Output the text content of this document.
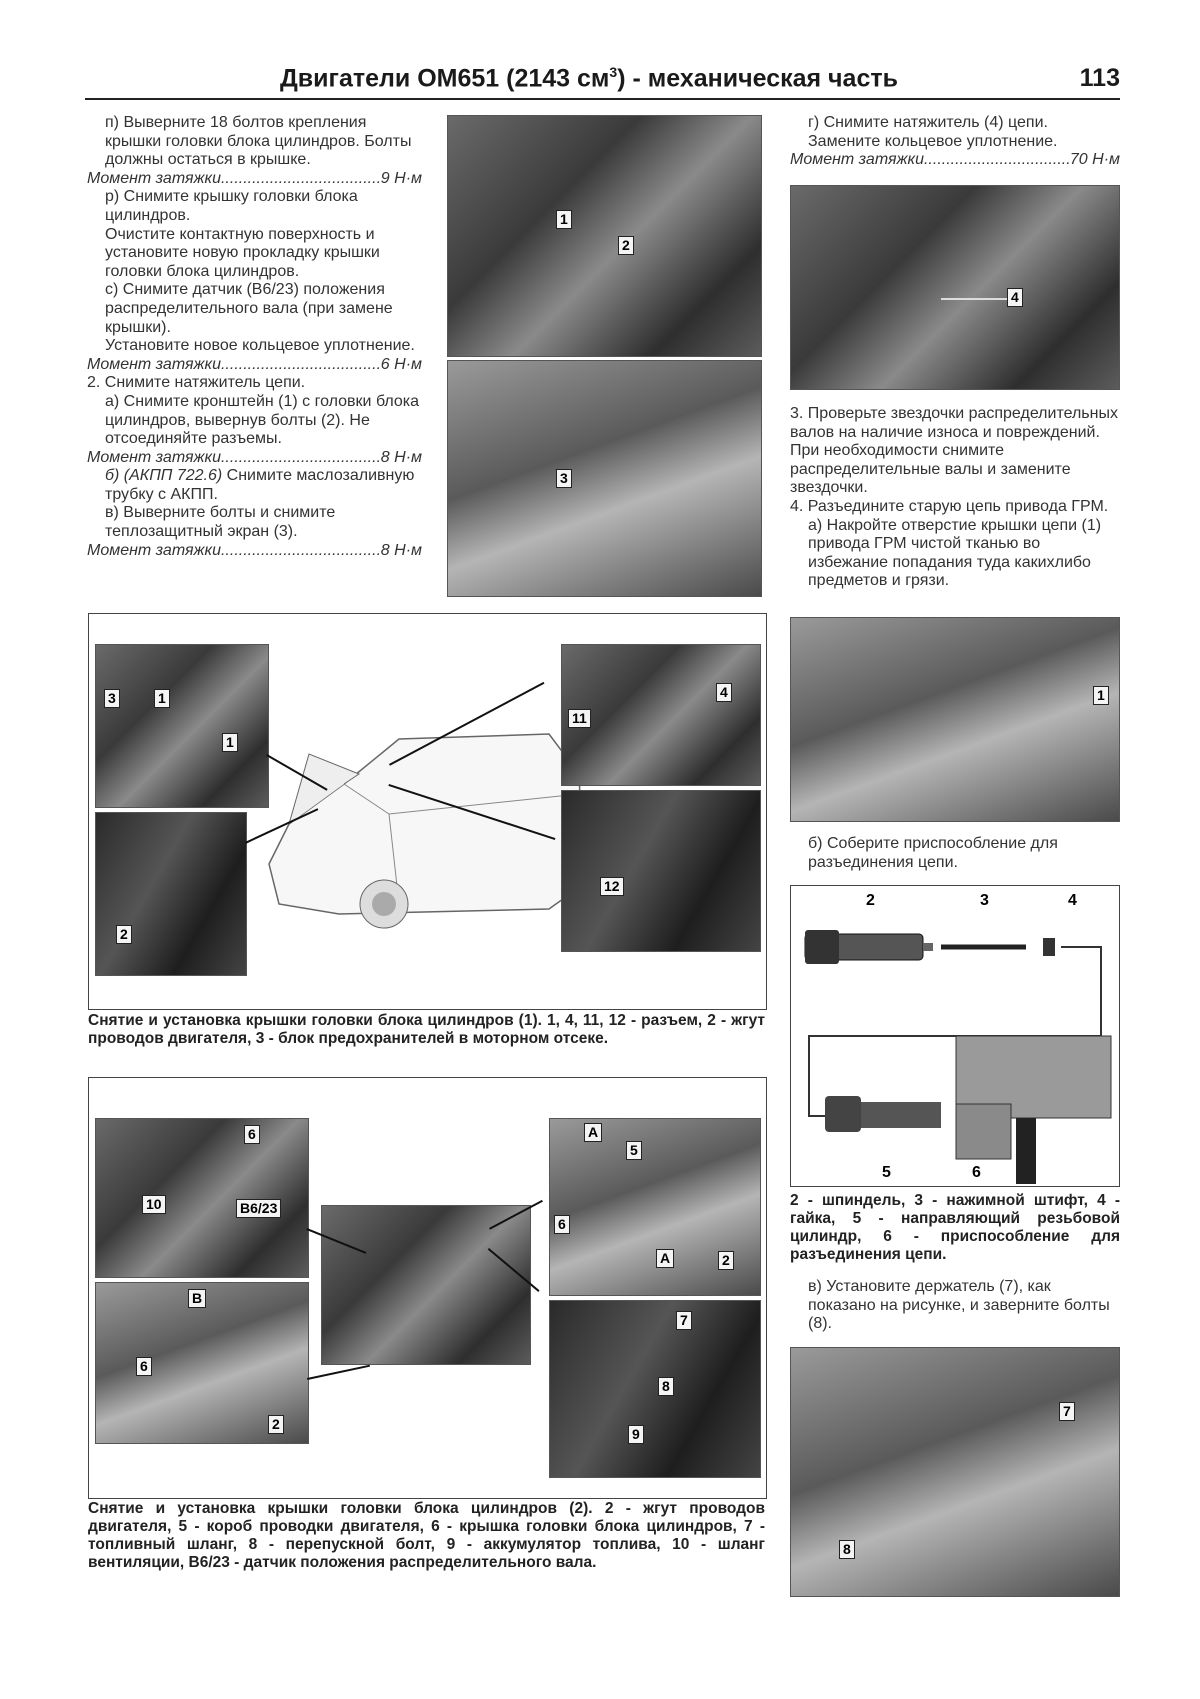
Двигатели OM651 (2143 $см^3$) - механическая часть	113

п) Выверните 18 болтов крепления крышки головки блока цилиндров. Болты должны остаться в крышке.

Момент затяжки .....	9 Н·м

р) Снимите крышку головки блока цилиндров.

Очистите контактную поверхность и установите новую прокладку крышки головки блока цилиндров.

с) Снимите датчик (B6/23) положения распределительного вала (при замене крышки).

Установите новое кольцевое уплотнение.

Момент затяжки .....	6 Н·м

2. Снимите натяжитель цепи.

а) Снимите кронштейн (1) с головки блока цилиндров, вывернув болты (2). Не отсоединяйте разъемы.

Момент затяжки .....	8 Н·м

б) (АКПП 722.6) Снимите маслозаливную трубку с АКПП.

в) Выверните болты и снимите теплозащитный экран (3).

Момент затяжки .....	8 Н·м
1
2
3

г) Снимите натяжитель (4) цепи. Замените кольцевое уплотнение.

Момент затяжки .....	70 Н·м
4

3. Проверьте звездочки распределительных валов на наличие износа и повреждений. При необходимости снимите распределительные валы и замените звездочки.

4. Разъедините старую цепь привода ГРМ.

а) Накройте отверстие крышки цепи (1) привода ГРМ чистой тканью во избежание попадания туда какихлибо предметов и грязи.

1

б) Соберите приспособление для разъединения цепи.

2	3	4
5	6
2 - шпиндель, 3 - нажимной штифт, 4 - гайка, 5 - направляющий резьбовой цилиндр, 6 - приспособление для разъединения цепи.

в) Установите держатель (7), как показано на рисунке, и заверните болты (8).

7
8
3	1
1
2
4
11
12
Снятие и установка крышки головки блока цилиндров (1). 1, 4, 11, 12 - разъем, 2 - жгут проводов двигателя, 3 - блок предохранителей в моторном отсеке.
6
10	B6/23
B
6
2
A
5
6
A	2
7
8
9
Снятие и установка крышки головки блока цилиндров (2). 2 - жгут проводов двигателя, 5 - короб проводки двигателя, 6 - крышка головки блока цилиндров, 7 - топливный шланг, 8 - перепускной болт, 9 - аккумулятор топлива, 10 - шланг вентиляции, B6/23 - датчик положения распределительного вала.
